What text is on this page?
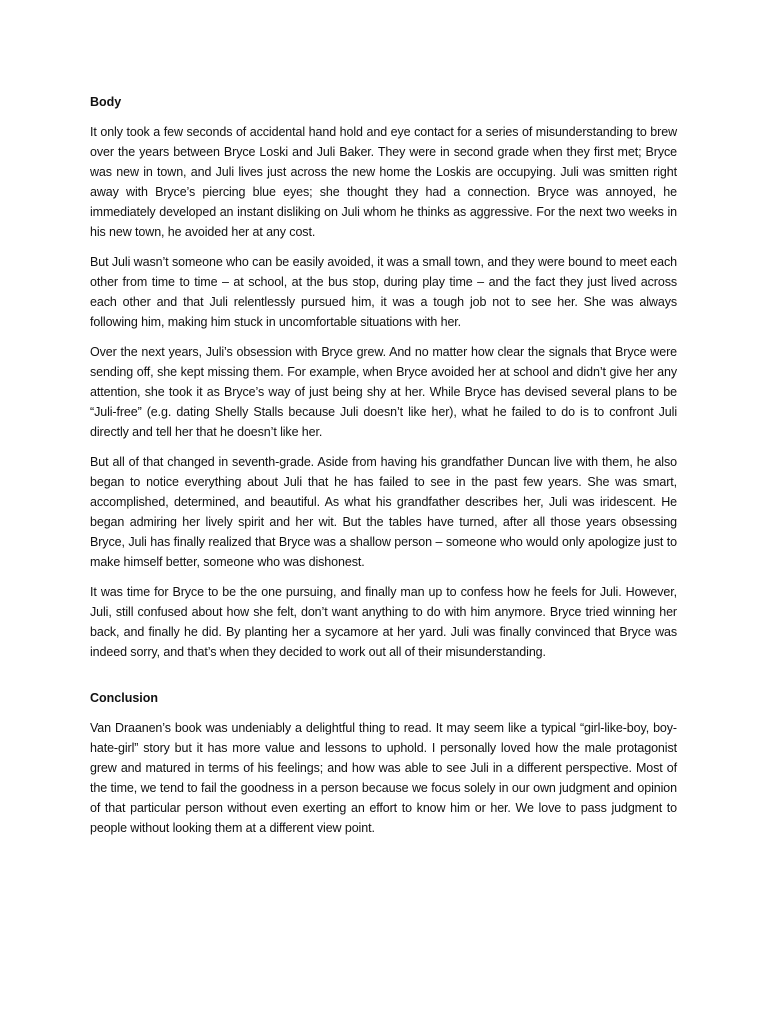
Body

It only took a few seconds of accidental hand hold and eye contact for a series of misunderstanding to brew over the years between Bryce Loski and Juli Baker. They were in second grade when they first met; Bryce was new in town, and Juli lives just across the new home the Loskis are occupying. Juli was smitten right away with Bryce’s piercing blue eyes; she thought they had a connection. Bryce was annoyed, he immediately developed an instant disliking on Juli whom he thinks as aggressive. For the next two weeks in his new town, he avoided her at any cost.

But Juli wasn’t someone who can be easily avoided, it was a small town, and they were bound to meet each other from time to time – at school, at the bus stop, during play time – and the fact they just lived across each other and that Juli relentlessly pursued him, it was a tough job not to see her. She was always following him, making him stuck in uncomfortable situations with her.

Over the next years, Juli’s obsession with Bryce grew. And no matter how clear the signals that Bryce were sending off, she kept missing them. For example, when Bryce avoided her at school and didn’t give her any attention, she took it as Bryce’s way of just being shy at her. While Bryce has devised several plans to be “Juli-free” (e.g. dating Shelly Stalls because Juli doesn’t like her), what he failed to do is to confront Juli directly and tell her that he doesn’t like her.

But all of that changed in seventh-grade. Aside from having his grandfather Duncan live with them, he also began to notice everything about Juli that he has failed to see in the past few years. She was smart, accomplished, determined, and beautiful. As what his grandfather describes her, Juli was iridescent. He began admiring her lively spirit and her wit. But the tables have turned, after all those years obsessing Bryce, Juli has finally realized that Bryce was a shallow person – someone who would only apologize just to make himself better, someone who was dishonest.

It was time for Bryce to be the one pursuing, and finally man up to confess how he feels for Juli. However, Juli, still confused about how she felt, don’t want anything to do with him anymore. Bryce tried winning her back, and finally he did. By planting her a sycamore at her yard. Juli was finally convinced that Bryce was indeed sorry, and that’s when they decided to work out all of their misunderstanding.

Conclusion

Van Draanen’s book was undeniably a delightful thing to read. It may seem like a typical “girl-like-boy, boy-hate-girl” story but it has more value and lessons to uphold. I personally loved how the male protagonist grew and matured in terms of his feelings; and how was able to see Juli in a different perspective. Most of the time, we tend to fail the goodness in a person because we focus solely in our own judgment and opinion of that particular person without even exerting an effort to know him or her. We love to pass judgment to people without looking them at a different view point.
